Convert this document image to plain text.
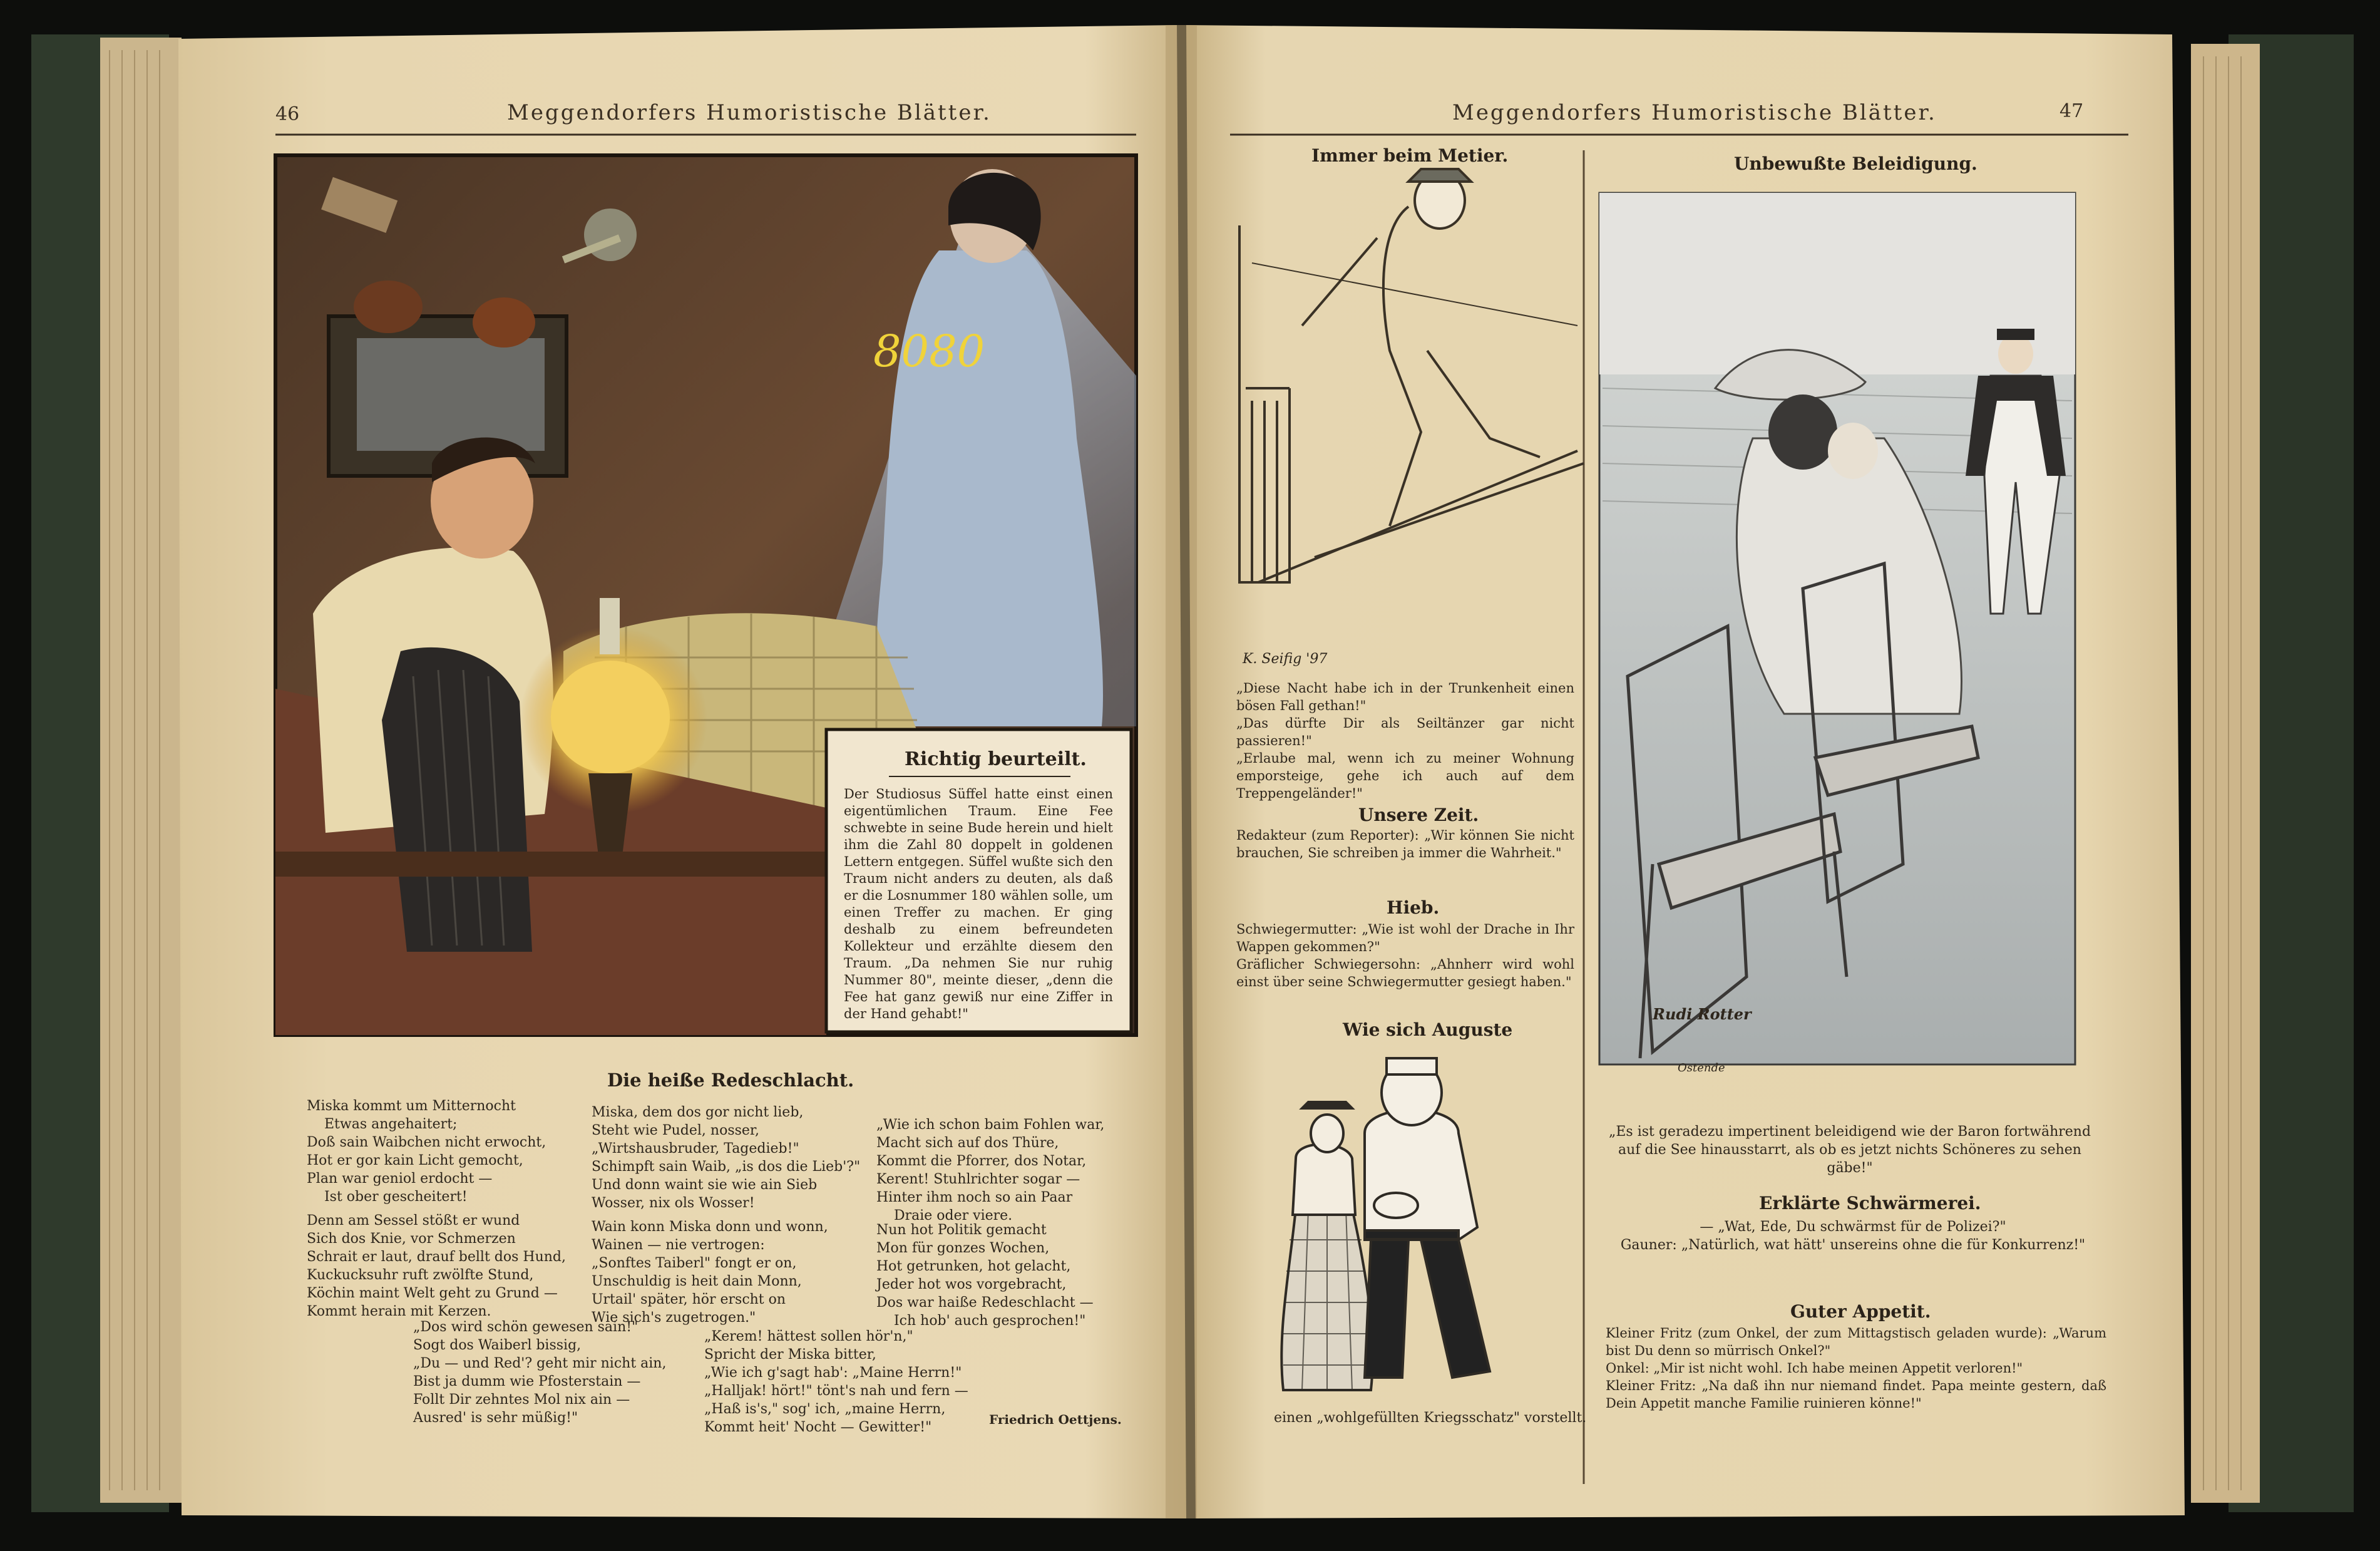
8080
46	Meggendorfers Humoristische Blätter.
Richtig beurteilt.
Der Studiosus Süffel hatte einst einen eigentümlichen Traum. Eine Fee schwebte in seine Bude herein und hielt ihm die Zahl 80 doppelt in goldenen Lettern entgegen. Süffel wußte sich den Traum nicht anders zu deuten, als daß er die Losnummer 180 wählen solle, um einen Treffer zu machen. Er ging deshalb zu einem befreundeten Kollekteur und erzählte diesem den Traum. „Da nehmen Sie nur ruhig Nummer 80", meinte dieser, „denn die Fee hat ganz gewiß nur eine Ziffer in der Hand gehabt!"
Die heiße Redeschlacht.
Miska kommt um Mitternocht
Etwas angehaitert;
Doß sain Waibchen nicht erwocht,
Hot er gor kain Licht gemocht,
Plan war geniol erdocht —
Ist ober gescheitert!
Denn am Sessel stößt er wund
Sich dos Knie, vor Schmerzen
Schrait er laut, drauf bellt dos Hund,
Kuckucksuhr ruft zwölfte Stund,
Köchin maint Welt geht zu Grund —
Kommt herain mit Kerzen.
Miska, dem dos gor nicht lieb,
Steht wie Pudel, nosser,
„Wirtshausbruder, Tagedieb!"
Schimpft sain Waib, „is dos die Lieb'?"
Und donn waint sie wie ain Sieb
Wosser, nix ols Wosser!
Wain konn Miska donn und wonn,
Wainen — nie vertrogen:
„Sonftes Taiberl" fongt er on,
Unschuldig is heit dain Monn,
Urtail' später, hör erscht on
Wie sich's zugetrogen."
„Wie ich schon baim Fohlen war,
Macht sich auf dos Thüre,
Kommt die Pforrer, dos Notar,
Kerent! Stuhlrichter sogar —
Hinter ihm noch so ain Paar
Draie oder viere.
Nun hot Politik gemacht
Mon für gonzes Wochen,
Hot getrunken, hot gelacht,
Jeder hot wos vorgebracht,
Dos war haiße Redeschlacht —
Ich hob' auch gesprochen!"
„Dos wird schön gewesen sain!"
Sogt dos Waiberl bissig,
„Du — und Red'? geht mir nicht ain,
Bist ja dumm wie Pfosterstain —
Follt Dir zehntes Mol nix ain —
Ausred' is sehr müßig!"
„Kerem! hättest sollen hör'n,"
Spricht der Miska bitter,
„Wie ich g'sagt hab': „Maine Herrn!"
„Halljak! hört!" tönt's nah und fern —
„Haß is's," sog' ich, „maine Herrn,
Kommt heit' Nocht — Gewitter!"	Friedrich Oettjens.
Meggendorfers Humoristische Blätter.	47
Immer beim Metier.
K. Seifig '97
„Diese Nacht habe ich in der Trunkenheit einen bösen Fall gethan!"
„Das dürfte Dir als Seiltänzer gar nicht passieren!"
„Erlaube mal, wenn ich zu meiner Wohnung emporsteige, gehe ich auch auf dem Treppengeländer!"
Unsere Zeit.
Redakteur (zum Reporter): „Wir können Sie nicht brauchen, Sie schreiben ja immer die Wahrheit."
Hieb.
Schwiegermutter: „Wie ist wohl der Drache in Ihr Wappen gekommen?"
Gräflicher Schwiegersohn: „Ahnherr wird wohl einst über seine Schwiegermutter gesiegt haben."
Wie sich Auguste
einen „wohlgefüllten Kriegsschatz" vorstellt.
Unbewußte Beleidigung.
Rudi Rotter
Ostende
„Es ist geradezu impertinent beleidigend wie der Baron fortwährend auf die See hinausstarrt, als ob es jetzt nichts Schöneres zu sehen gäbe!"
Erklärte Schwärmerei.
— „Wat, Ede, Du schwärmst für de Polizei?"
Gauner: „Natürlich, wat hätt' unsereins ohne die für Konkurrenz!"
Guter Appetit.
Kleiner Fritz (zum Onkel, der zum Mittagstisch geladen wurde): „Warum bist Du denn so mürrisch Onkel?"
Onkel: „Mir ist nicht wohl. Ich habe meinen Appetit verloren!"
Kleiner Fritz: „Na daß ihn nur niemand findet. Papa meinte gestern, daß Dein Appetit manche Familie ruinieren könne!"
